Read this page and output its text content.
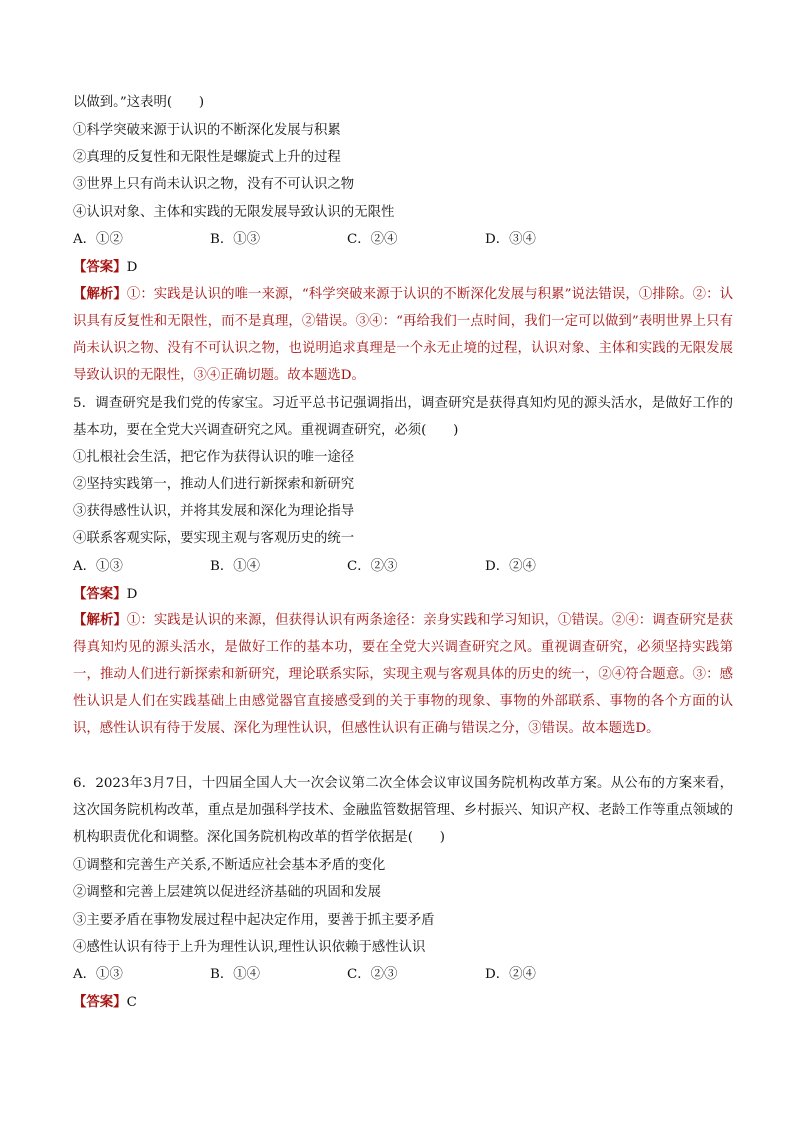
以做到。”这表明(　　)
①科学突破来源于认识的不断深化发展与积累
②真理的反复性和无限性是螺旋式上升的过程
③世界上只有尚未认识之物，没有不可认识之物
④认识对象、主体和实践的无限发展导致认识的无限性
A．①②	B．①③	C．②④	D．③④
【答案】D
【解析】①：实践是认识的唯一来源，“科学突破来源于认识的不断深化发展与积累”说法错误，①排除。②：认识具有反复性和无限性，而不是真理，②错误。③④：“再给我们一点时间，我们一定可以做到”表明世界上只有尚未认识之物、没有不可认识之物，也说明追求真理是一个永无止境的过程，认识对象、主体和实践的无限发展导致认识的无限性，③④正确切题。故本题选D。
5．调查研究是我们党的传家宝。习近平总书记强调指出，调查研究是获得真知灼见的源头活水，是做好工作的基本功，要在全党大兴调查研究之风。重视调查研究，必须(　　)
①扎根社会生活，把它作为获得认识的唯一途径
②坚持实践第一，推动人们进行新探索和新研究
③获得感性认识，并将其发展和深化为理论指导
④联系客观实际，要实现主观与客观历史的统一
A．①③	B．①④	C．②③	D．②④
【答案】D
【解析】①：实践是认识的来源，但获得认识有两条途径：亲身实践和学习知识，①错误。②④：调查研究是获得真知灼见的源头活水，是做好工作的基本功，要在全党大兴调查研究之风。重视调查研究，必须坚持实践第一，推动人们进行新探索和新研究，理论联系实际，实现主观与客观具体的历史的统一，②④符合题意。③：感性认识是人们在实践基础上由感觉器官直接感受到的关于事物的现象、事物的外部联系、事物的各个方面的认识，感性认识有待于发展、深化为理性认识，但感性认识有正确与错误之分，③错误。故本题选D。
6．2023年3月7日，十四届全国人大一次会议第二次全体会议审议国务院机构改革方案。从公布的方案来看，这次国务院机构改革，重点是加强科学技术、金融监管数据管理、乡村振兴、知识产权、老龄工作等重点领域的机构职责优化和调整。深化国务院机构改革的哲学依据是(　　)
①调整和完善生产关系,不断适应社会基本矛盾的变化
②调整和完善上层建筑以促进经济基础的巩固和发展
③主要矛盾在事物发展过程中起决定作用，要善于抓主要矛盾
④感性认识有待于上升为理性认识,理性认识依赖于感性认识
A．①③	B．①④	C．②③	D．②④
【答案】C
